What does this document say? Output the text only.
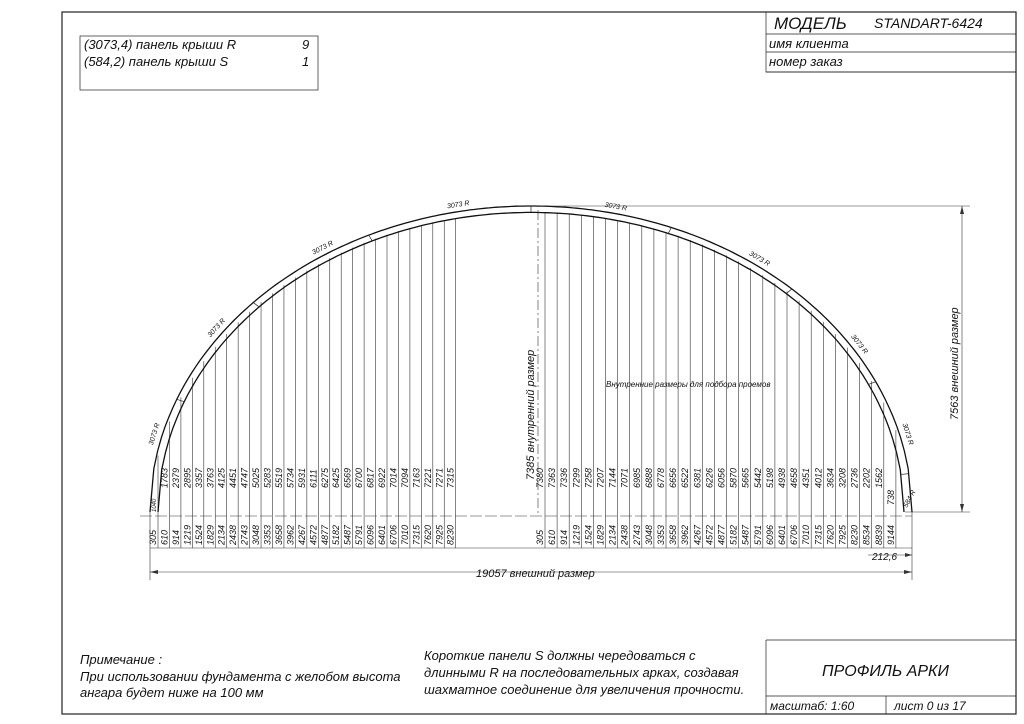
(3073,4) панель крыши R	9
(584,2) панель крыши S	1
МОДЕЛЬ STANDART-6424
имя клиента
номер заказ
Примечание :
При использовании фундамента с желобом высота
ангара будет ниже на 100 мм
Короткие панели S должны чередоваться с
длинными R на последовательных арках, создавая
шахматное соединение для увеличения прочности.
ПРОФИЛЬ АРКИ
масштаб: 1:60	лист 0 из 17
3073 R
3073 R
3073 R
3073 R	3073 R
3073 R
3073 R
3073 R
584 R
1040
1783 2379 2895 3357 3763 4125 4451 4747 5025 5283 5519 5734 5931 6111 6275 6425 6569 6700 6817 6922 7014 7094 7163 7221 7271 7315
305 610 914 1219 1524 1829 2134 2438 2743 3048 3353 3658 3962 4267 4572 4877 5182 5487 5791 6096 6401 6706 7010 7315 7620 7925 8230
7380 7363 7336 7299 7258 7207 7144 7071 6985 6888 6778 6656 6522 6381 6226 6056 5870 5665 5442 5198 4938 4658 4351 4012 3634 3208 2736 2202 1562
738
305 610 914 1219 1524 1829 2134 2438 2743 3048 3353 3658 3962 4267 4572 4877 5182 5487 5791 6096 6401 6706 7010 7315 7620 7925 8230 8534 8839 9144
19057 внешний размер
7563 внешний размер
7385 внутренний размер	Внутренние размеры для подбора проемов
212,6
